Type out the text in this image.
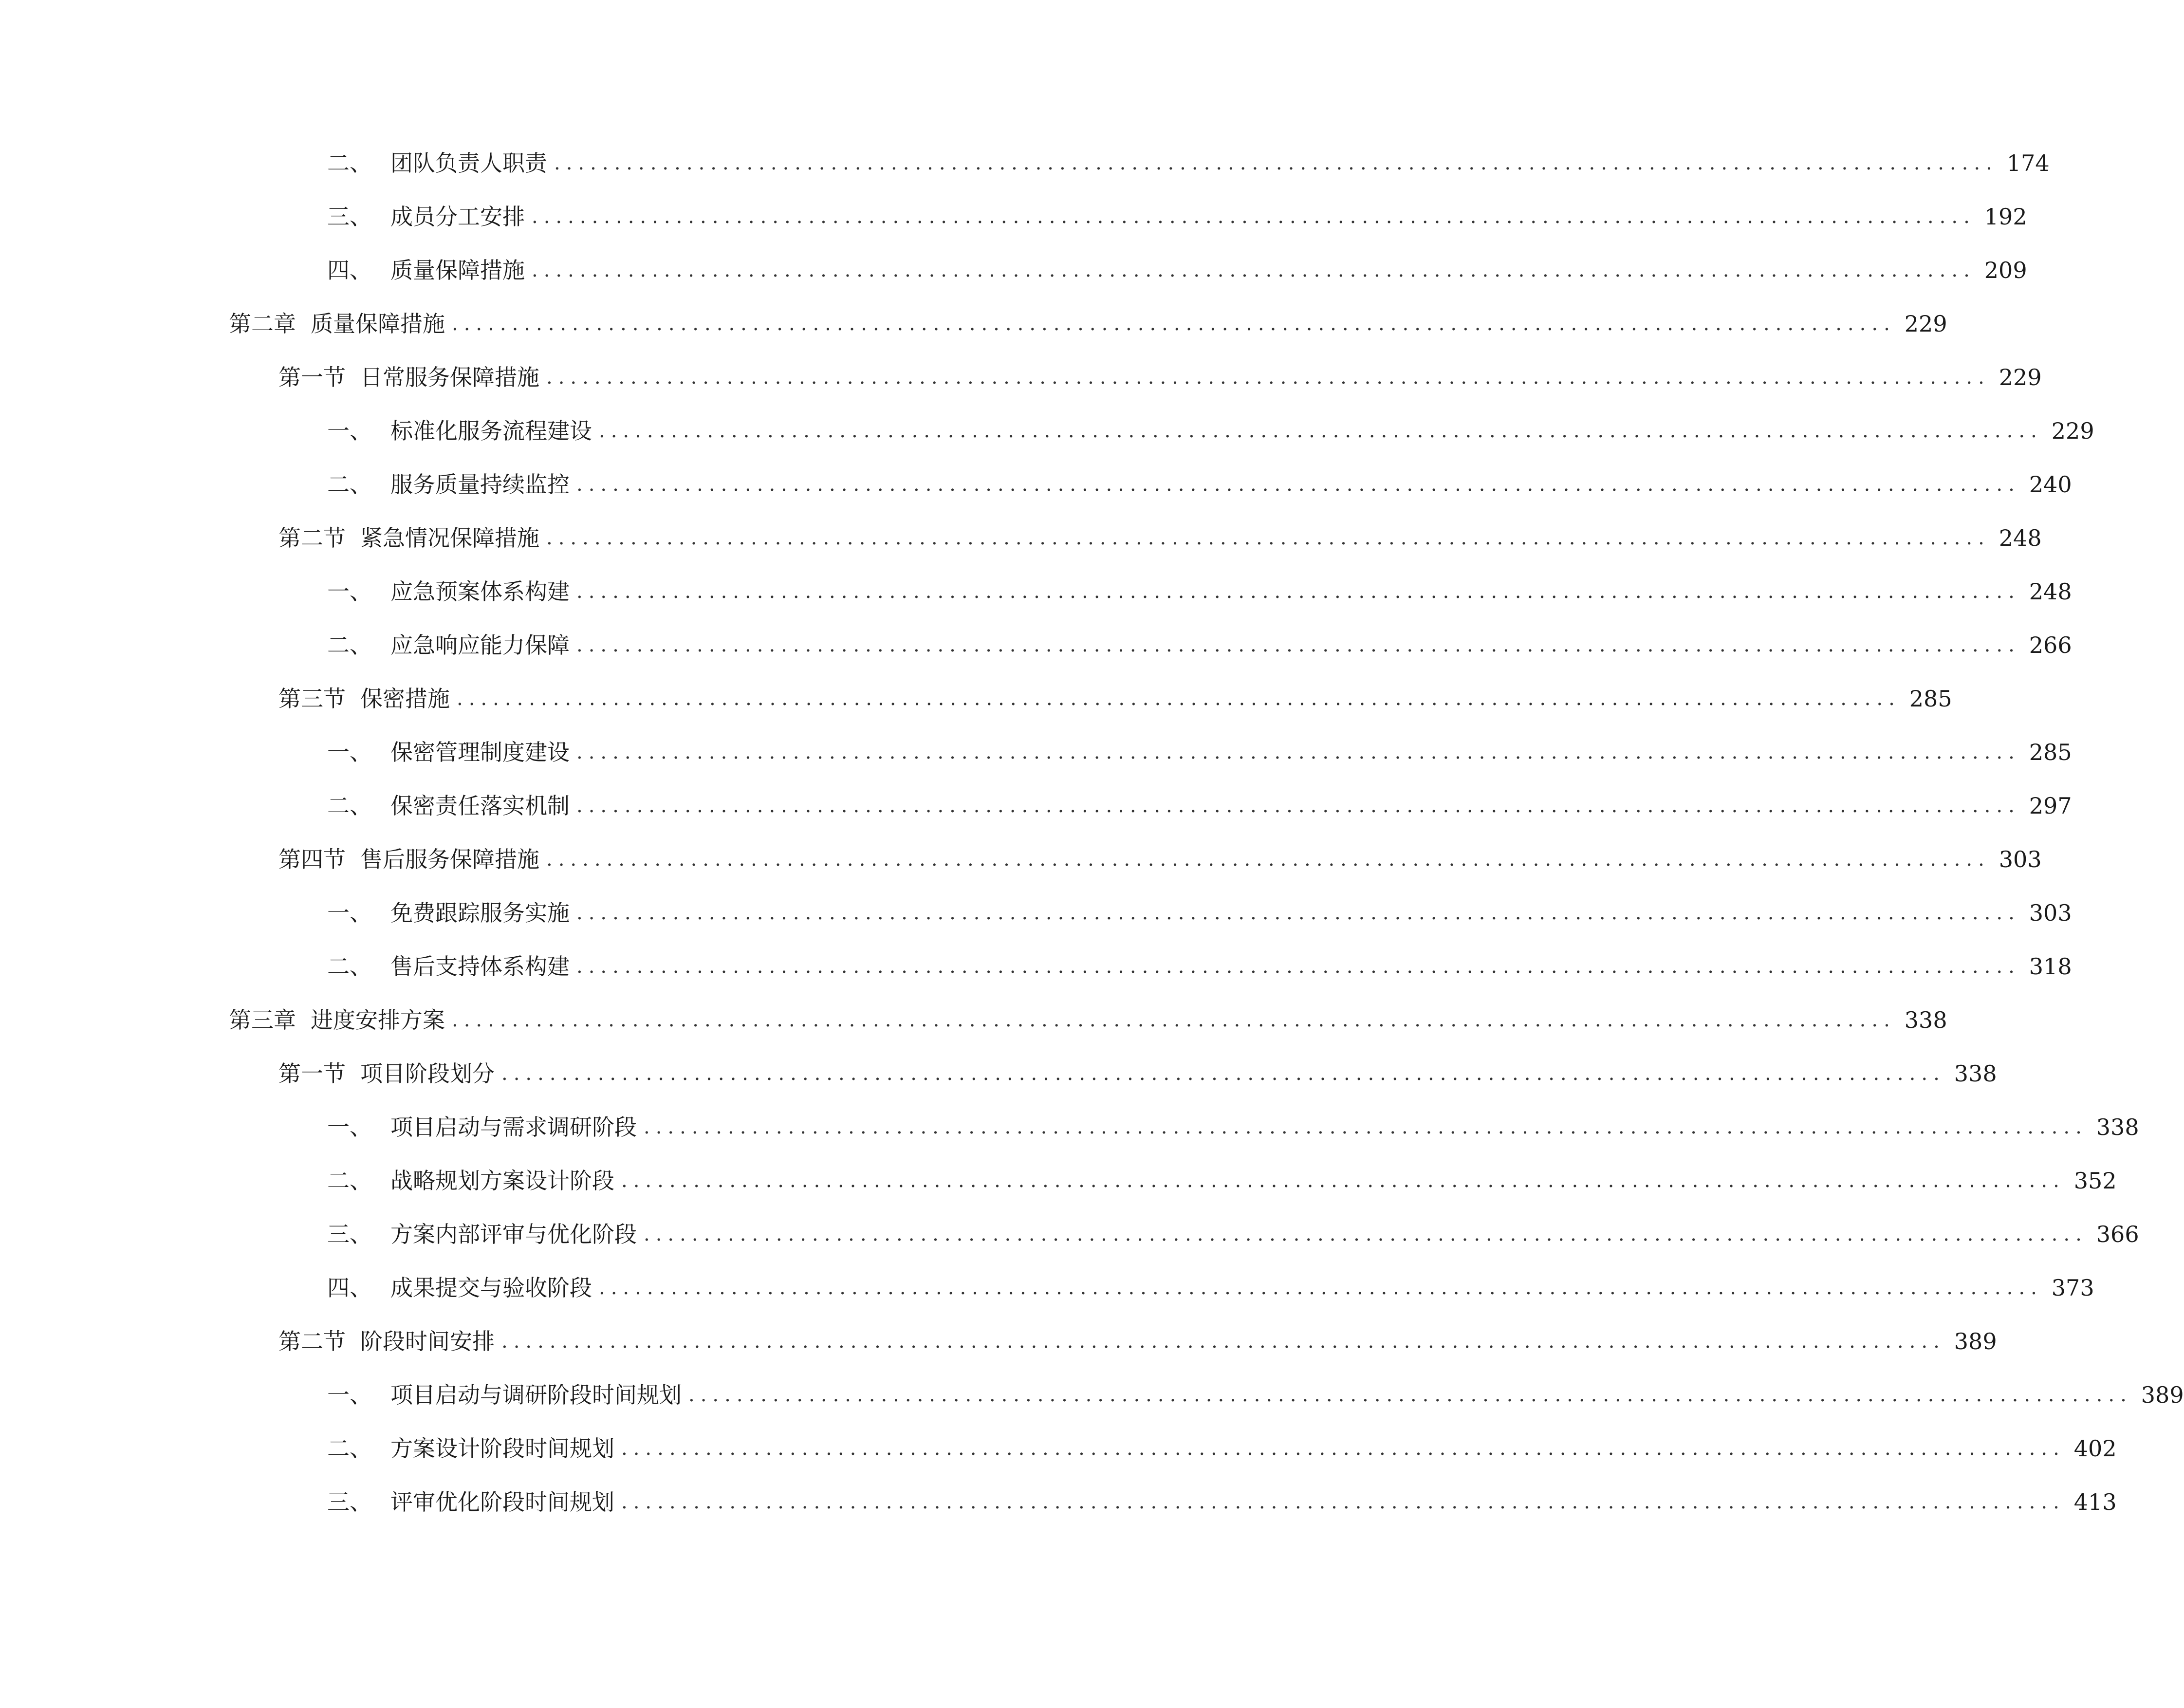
二、 团队负责人职责 ........................................................................................................................ 174
三、 成员分工安排 ........................................................................................................................ 192
四、 质量保障措施 ........................................................................................................................ 209
第二章 质量保障措施 ........................................................................................................................ 229
第一节 日常服务保障措施 ........................................................................................................................ 229
一、 标准化服务流程建设 ........................................................................................................................ 229
二、 服务质量持续监控 ........................................................................................................................ 240
第二节 紧急情况保障措施 ........................................................................................................................ 248
一、 应急预案体系构建 ........................................................................................................................ 248
二、 应急响应能力保障 ........................................................................................................................ 266
第三节 保密措施 ........................................................................................................................ 285
一、 保密管理制度建设 ........................................................................................................................ 285
二、 保密责任落实机制 ........................................................................................................................ 297
第四节 售后服务保障措施 ........................................................................................................................ 303
一、 免费跟踪服务实施 ........................................................................................................................ 303
二、 售后支持体系构建 ........................................................................................................................ 318
第三章 进度安排方案 ........................................................................................................................ 338
第一节 项目阶段划分 ........................................................................................................................ 338
一、 项目启动与需求调研阶段 ........................................................................................................................ 338
二、 战略规划方案设计阶段 ........................................................................................................................ 352
三、 方案内部评审与优化阶段 ........................................................................................................................ 366
四、 成果提交与验收阶段 ........................................................................................................................ 373
第二节 阶段时间安排 ........................................................................................................................ 389
一、 项目启动与调研阶段时间规划 ........................................................................................................................ 389
二、 方案设计阶段时间规划 ........................................................................................................................ 402
三、 评审优化阶段时间规划 ........................................................................................................................ 413
